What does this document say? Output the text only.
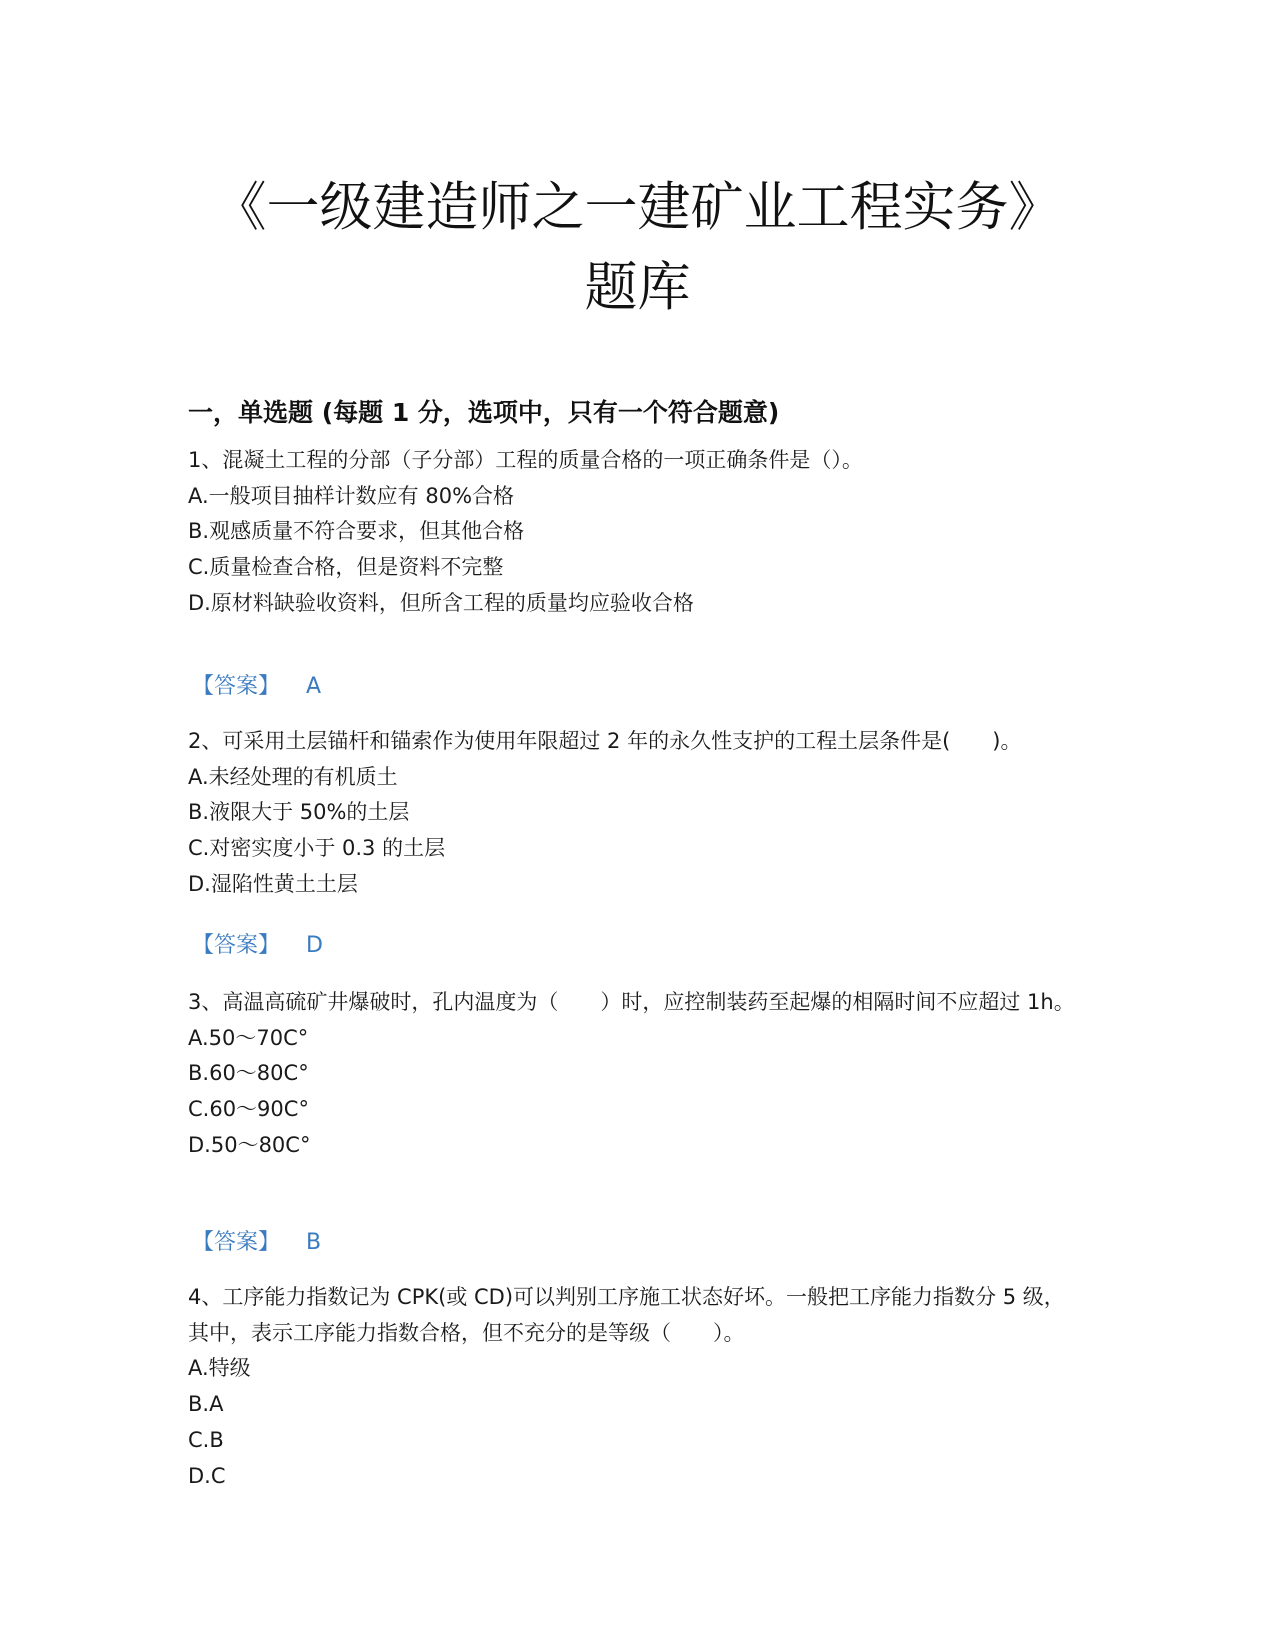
《一级建造师之一建矿业工程实务》
题库
一，单选题 (每题 1 分，选项中，只有一个符合题意)

1、混凝土工程的分部（子分部）工程的质量合格的一项正确条件是（）。

A.一般项目抽样计数应有 80%合格

B.观感质量不符合要求，但其他合格

C.质量检查合格，但是资料不完整

D.原材料缺验收资料，但所含工程的质量均应验收合格

【答案】 A

2、可采用土层锚杆和锚索作为使用年限超过 2 年的永久性支护的工程土层条件是(　　)。

A.未经处理的有机质土

B.液限大于 50%的土层

C.对密实度小于 0.3 的土层

D.湿陷性黄土土层

【答案】 D

3、高温高硫矿井爆破时，孔内温度为（　　）时，应控制装药至起爆的相隔时间不应超过 1h。

A.50～70C°

B.60～80C°

C.60～90C°

D.50～80C°

【答案】 B

4、工序能力指数记为 CPK(或 CD)可以判别工序施工状态好坏。一般把工序能力指数分 5 级，其中，表示工序能力指数合格，但不充分的是等级（　　）。

A.特级

B.A

C.B

D.C
